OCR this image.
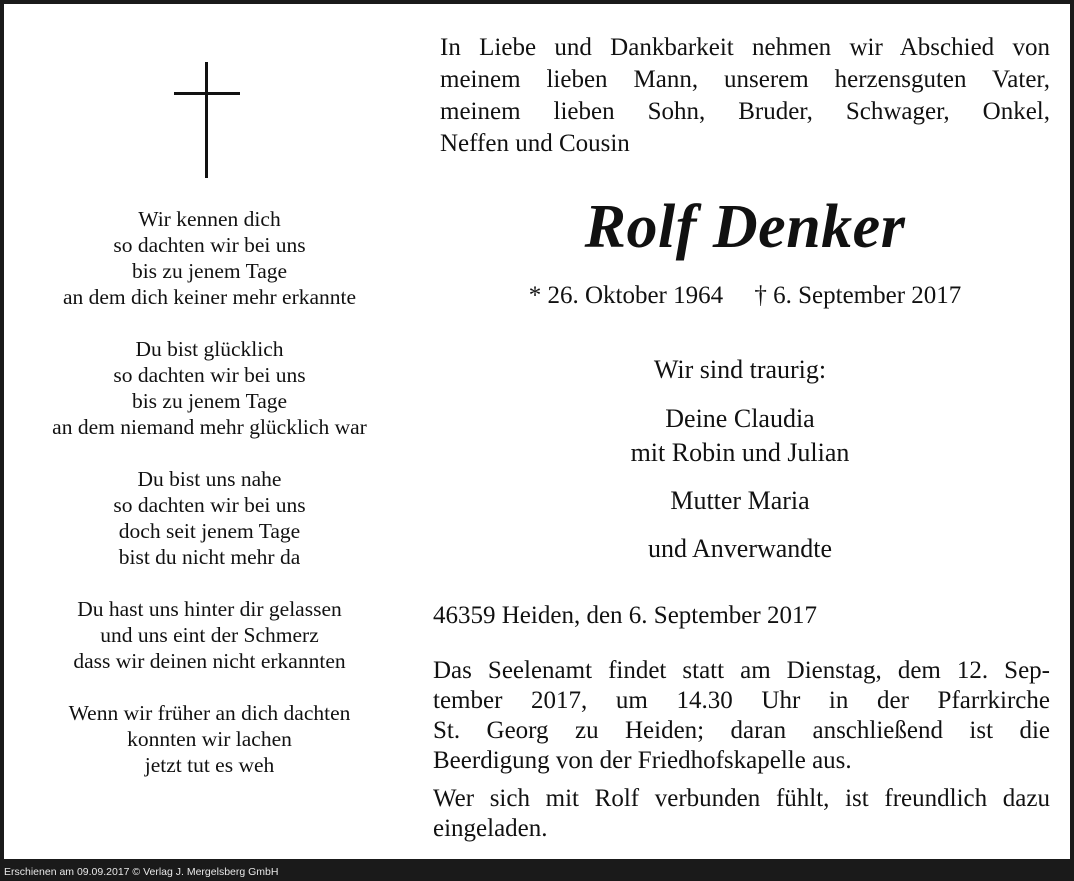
Wir kennen dich
so dachten wir bei uns
bis zu jenem Tage
an dem dich keiner mehr erkannte
Du bist glücklich
so dachten wir bei uns
bis zu jenem Tage
an dem niemand mehr glücklich war
Du bist uns nahe
so dachten wir bei uns
doch seit jenem Tage
bist du nicht mehr da
Du hast uns hinter dir gelassen
und uns eint der Schmerz
dass wir deinen nicht erkannten
Wenn wir früher an dich dachten
konnten wir lachen
jetzt tut es weh
In Liebe und Dankbarkeit nehmen wir Abschied von
meinem lieben Mann, unserem herzensguten Vater,
meinem lieben Sohn, Bruder, Schwager, Onkel,
Neffen und Cousin
Rolf Denker
* 26. Oktober 1964     † 6. September 2017
Wir sind traurig:
Deine Claudia
mit Robin und Julian
Mutter Maria
und Anverwandte
46359 Heiden, den 6. September 2017
Das Seelenamt findet statt am Dienstag, dem 12. Sep-
tember 2017, um 14.30 Uhr in der Pfarrkirche
St. Georg zu Heiden; daran anschließend ist die
Beerdigung von der Friedhofskapelle aus.
Wer sich mit Rolf verbunden fühlt, ist freundlich dazu
eingeladen.
Erschienen am 09.09.2017 © Verlag J. Mergelsberg GmbH
